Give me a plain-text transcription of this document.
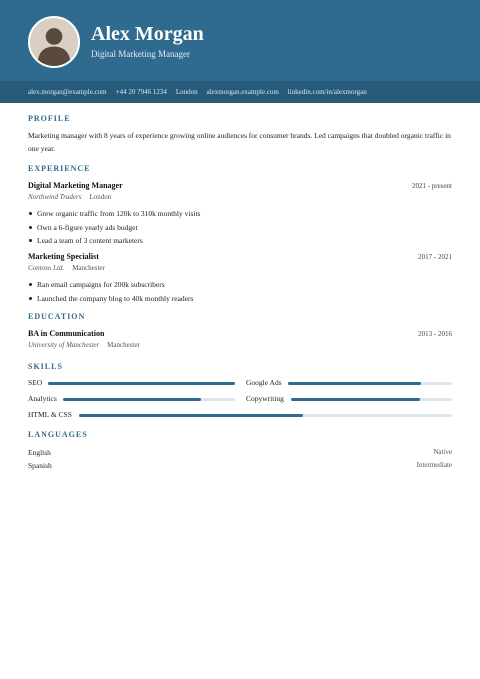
Alex Morgan
Digital Marketing Manager
alex.morgan@example.com +44 20 7946 1234 London alexmorgan.example.com linkedin.com/in/alexmorgan
PROFILE
Marketing manager with 8 years of experience growing online audiences for consumer brands. Led campaigns that doubled organic traffic in one year.
EXPERIENCE
Digital Marketing Manager	2021 - present
Northwind Traders London
Grew organic traffic from 120k to 310k monthly visits
Own a 6-figure yearly ads budget
Lead a team of 3 content marketers
Marketing Specialist	2017 - 2021
Contoso Ltd. Manchester
Ran email campaigns for 200k subscribers
Launched the company blog to 40k monthly readers
EDUCATION
BA in Communication	2013 - 2016
University of Manchester Manchester
SKILLS
SEO	Google Ads
Analytics	Copywriting
HTML & CSS
LANGUAGES
English	Native
Spanish	Intermediate
